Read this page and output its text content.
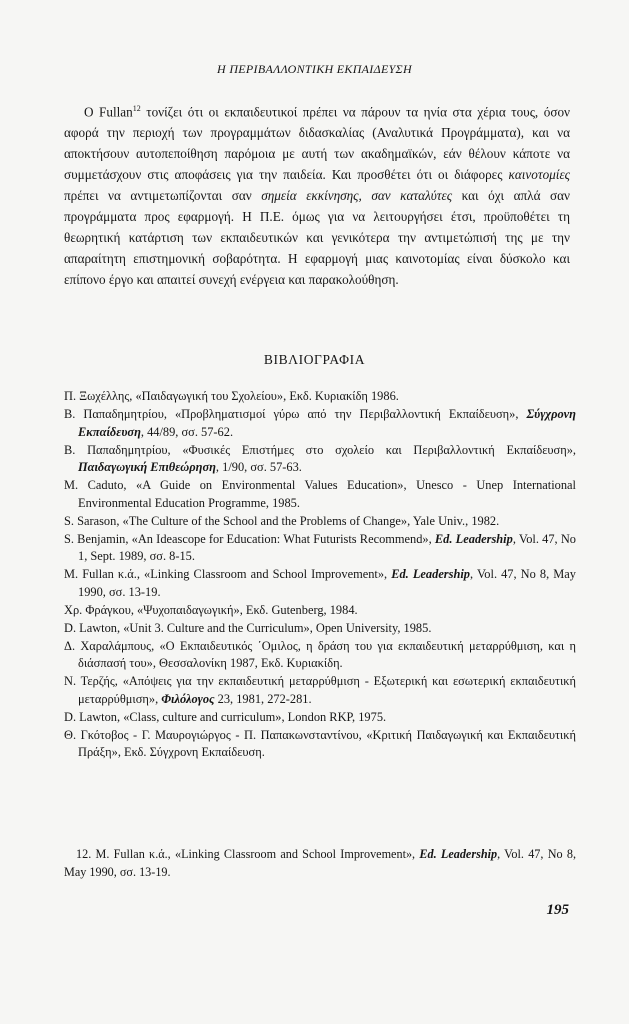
Η ΠΕΡΙΒΑΛΛΟΝΤΙΚΗ ΕΚΠΑΙΔΕΥΣΗ

Ο Fullan$^{12}$ τονίζει ότι οι εκπαιδευτικοί πρέπει να πάρουν τα ηνία στα χέρια τους, όσον αφορά την περιοχή των προγραμμάτων διδασκαλίας (Αναλυτικά Προγράμματα), και να αποκτήσουν αυτοπεποίθηση παρόμοια με αυτή των ακαδημαϊκών, εάν θέλουν κάποτε να συμμετάσχουν στις αποφάσεις για την παιδεία. Και προσθέτει ότι οι διάφορες καινοτομίες πρέπει να αντιμετωπίζονται σαν σημεία εκκίνησης, σαν καταλύτες και όχι απλά σαν προγράμματα προς εφαρμογή. Η Π.Ε. όμως για να λειτουργήσει έτσι, προϋποθέτει τη θεωρητική κατάρτιση των εκπαιδευτικών και γενικότερα την αντιμετώπισή της με την απαραίτητη επιστημονική σοβαρότητα. Η εφαρμογή μιας καινοτομίας είναι δύσκολο και επίπονο έργο και απαιτεί συνεχή ενέργεια και παρακολούθηση.

ΒΙΒΛΙΟΓΡΑΦΙΑ
Π. Ξωχέλλης, «Παιδαγωγική του Σχολείου», Εκδ. Κυριακίδη 1986.
Β. Παπαδημητρίου, «Προβληματισμοί γύρω από την Περιβαλλοντική Εκπαίδευση», Σύγχρονη Εκπαίδευση, 44/89, σσ. 57-62.
Β. Παπαδημητρίου, «Φυσικές Επιστήμες στο σχολείο και Περιβαλλοντική Εκπαίδευση», Παιδαγωγική Επιθεώρηση, 1/90, σσ. 57-63.
M. Caduto, «A Guide on Environmental Values Education», Unesco - Unep International Environmental Education Programme, 1985.
S. Sarason, «The Culture of the School and the Problems of Change», Yale Univ., 1982.
S. Benjamin, «An Ideascope for Education: What Futurists Recommend», Ed. Leadership, Vol. 47, No 1, Sept. 1989, σσ. 8-15.
M. Fullan κ.ά., «Linking Classroom and School Improvement», Ed. Leadership, Vol. 47, No 8, May 1990, σσ. 13-19.
Χρ. Φράγκου, «Ψυχοπαιδαγωγική», Εκδ. Gutenberg, 1984.
D. Lawton, «Unit 3. Culture and the Curriculum», Open University, 1985.
Δ. Χαραλάμπους, «Ο Εκπαιδευτικός ΄Ομιλος, η δράση του για εκπαιδευτική μεταρρύθμιση, και η διάσπασή του», Θεσσαλονίκη 1987, Εκδ. Κυριακίδη.
Ν. Τερζής, «Απόψεις για την εκπαιδευτική μεταρρύθμιση - Εξωτερική και εσωτερική εκπαιδευτική μεταρρύθμιση», Φιλόλογος 23, 1981, 272-281.
D. Lawton, «Class, culture and curriculum», London RKP, 1975.
Θ. Γκότοβος - Γ. Μαυρογιώργος - Π. Παπακωνσταντίνου, «Κριτική Παιδαγωγική και Εκπαιδευτική Πράξη», Εκδ. Σύγχρονη Εκπαίδευση.

12. M. Fullan κ.ά., «Linking Classroom and School Improvement», Ed. Leadership, Vol. 47, No 8, May 1990, σσ. 13-19.

195
